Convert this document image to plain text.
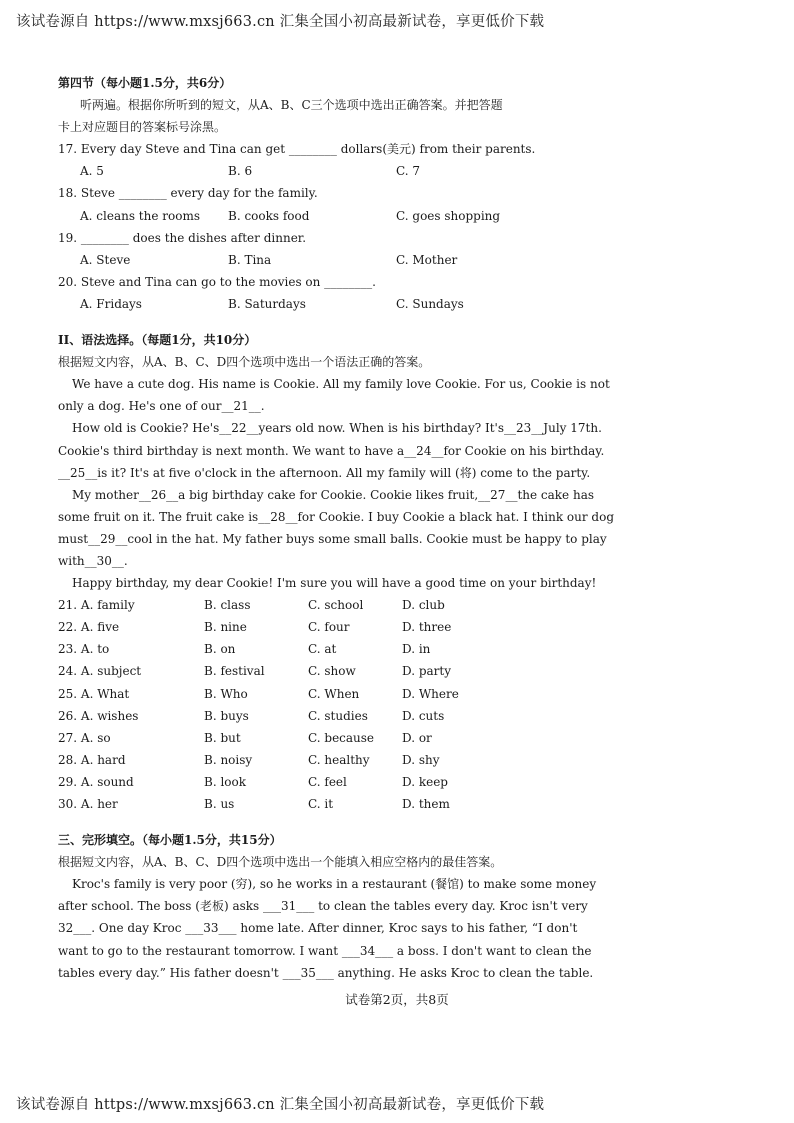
该试卷源自 https://www.mxsj663.cn 汇集全国小初高最新试卷，享更低价下载
第四节（每小题1.5分，共6分）
听两遍。根据你所听到的短文，从A、B、C三个选项中选出正确答案。并把答题
卡上对应题目的答案标号涂黑。
17. Every day Steve and Tina can get ________ dollars(美元) from their parents.
A. 5	B. 6	C. 7
18. Steve ________ every day for the family.
A. cleans the rooms B. cooks food	C. goes shopping
19. ________ does the dishes after dinner.
A. Steve	B. Tina	C. Mother
20. Steve and Tina can go to the movies on ________.
A. Fridays	B. Saturdays	C. Sundays
II、语法选择。（每题1分，共10分）
根据短文内容，从A、B、C、D四个选项中选出一个语法正确的答案。
We have a cute dog. His name is Cookie. All my family love Cookie. For us, Cookie is not
only a dog. He's one of our__21__.
How old is Cookie? He's__22__years old now. When is his birthday? It's__23__July 17th.
Cookie's third birthday is next month. We want to have a__24__for Cookie on his birthday.
__25__is it? It's at five o'clock in the afternoon. All my family will (将) come to the party.
My mother__26__a big birthday cake for Cookie. Cookie likes fruit,__27__the cake has
some fruit on it. The fruit cake is__28__for Cookie. I buy Cookie a black hat. I think our dog
must__29__cool in the hat. My father buys some small balls. Cookie must be happy to play
with__30__.
Happy birthday, my dear Cookie! I'm sure you will have a good time on your birthday!
21. A. family	B. class	C. school	D. club
22. A. five	B. nine	C. four	D. three
23. A. to	B. on	C. at	D. in
24. A. subject	B. festival	C. show	D. party
25. A. What	B. Who	C. When	D. Where
26. A. wishes	B. buys	C. studies	D. cuts
27. A. so	B. but	C. because D. or
28. A. hard	B. noisy	C. healthy	D. shy
29. A. sound	B. look	C. feel	D. keep
30. A. her	B. us	C. it	D. them
三、完形填空。（每小题1.5分，共15分）
根据短文内容，从A、B、C、D四个选项中选出一个能填入相应空格内的最佳答案。
Kroc's family is very poor (穷), so he works in a restaurant (餐馆) to make some money
after school. The boss (老板) asks ___31___ to clean the tables every day. Kroc isn't very
32___. One day Kroc ___33___ home late. After dinner, Kroc says to his father, “I don't
want to go to the restaurant tomorrow. I want ___34___ a boss. I don't want to clean the
tables every day.” His father doesn't ___35___ anything. He asks Kroc to clean the table.
试卷第2页，共8页
该试卷源自 https://www.mxsj663.cn 汇集全国小初高最新试卷，享更低价下载
